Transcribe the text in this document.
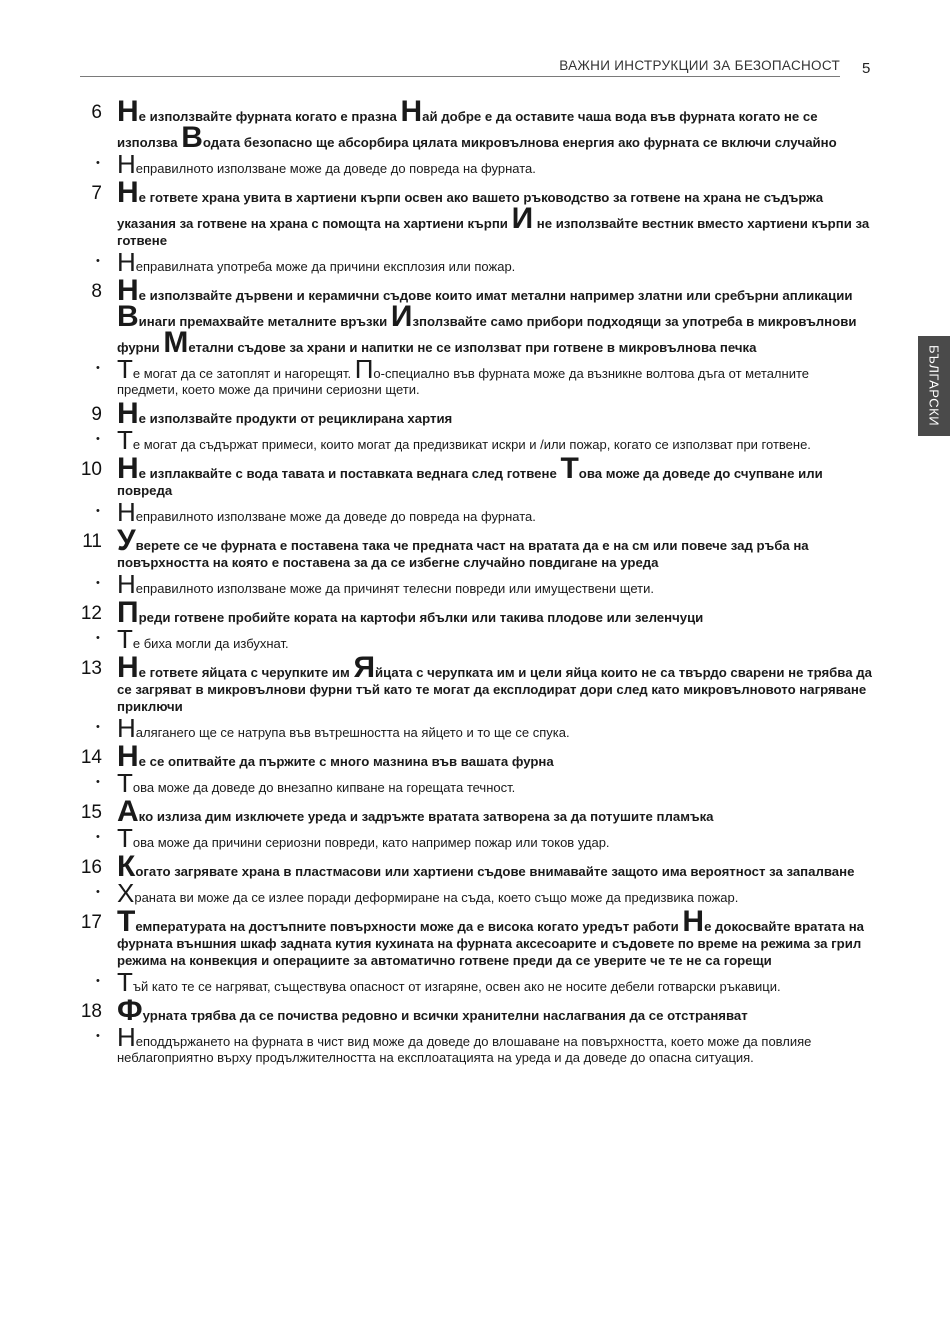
ВАЖНИ ИНСТРУКЦИИ ЗА БЕЗОПАСНОСТ 5
БЪЛГАРСКИ
6 Не използвайте фурната когато е празна Най добре е да оставите чаша вода във фурната когато не се използва Водата безопасно ще абсорбира цялата микровълнова енергия ако фурната се включи случайно

• Неправилното използване може да доведе до повреда на фурната.

7 Не гответе храна увита в хартиени кърпи освен ако вашето ръководство за готвене на храна не съдържа указания за готвене на храна с помощта на хартиени кърпи И не използвайте вестник вместо хартиени кърпи за готвене

• Неправилната употреба може да причини експлозия или пожар.

8 Не използвайте дървени и керамични съдове които имат метални например златни или сребърни апликации Винаги премахвайте металните връзки Използвайте само прибори подходящи за употреба в микровълнови фурни Метални съдове за храни и напитки не се използват при готвене в микровълнова печка

• Те могат да се затоплят и нагорещят. По-специално във фурната може да възникне волтова дъга от металните предмети, което може да причини сериозни щети.

9 Не използвайте продукти от рециклирана хартия

• Те могат да съдържат примеси, които могат да предизвикат искри и /или пожар, когато се използват при готвене.

10 Не изплаквайте с вода тавата и поставката веднага след готвене Това може да доведе до счупване или повреда

• Неправилното използване може да доведе до повреда на фурната.

11 Уверете се че фурната е поставена така че предната част на вратата да е на см или повече зад ръба на повърхността на която е поставена за да се избегне случайно повдигане на уреда

• Неправилното използване може да причинят телесни повреди или имуществени щети.

12 Преди готвене пробийте кората на картофи ябълки или такива плодове или зеленчуци

• Те биха могли да избухнат.

13 Не гответе яйцата с черупките им Яйцата с черупката им и цели яйца които не са твърдо сварени не трябва да се загряват в микровълнови фурни тъй като те могат да експлодират дори след като микровълновото нагряване приключи

• Наляганего ще се натрупа във вътрешността на яйцето и то ще се спука.

14 Не се опитвайте да пържите с много мазнина във вашата фурна

• Това може да доведе до внезапно кипване на горещата течност.

15 Ако излиза дим изключете уреда и задръжте вратата затворена за да потушите пламъка

• Това може да причини сериозни повреди, като например пожар или токов удар.

16 Когато загрявате храна в пластмасови или хартиени съдове внимавайте защото има вероятност за запалване

• Храната ви може да се излее поради деформиране на съда, което също може да предизвика пожар.

17 Температурата на достъпните повърхности може да е висока когато уредът работи Не докосвайте вратата на фурната външния шкаф задната кутия кухината на фурната аксесоарите и съдовете по време на режима за грил режима на конвекция и операциите за автоматично готвене преди да се уверите че те не са горещи

• Тъй като те се нагряват, съществува опасност от изгаряне, освен ако не носите дебели готварски ръкавици.

18 Фурната трябва да се почиства редовно и всички хранителни наслагвания да се отстраняват

• Неподдържането на фурната в чист вид може да доведе до влошаване на повърхността, което може да повлияе неблагоприятно върху продължителността на експлоатацията на уреда и да доведе до опасна ситуация.
